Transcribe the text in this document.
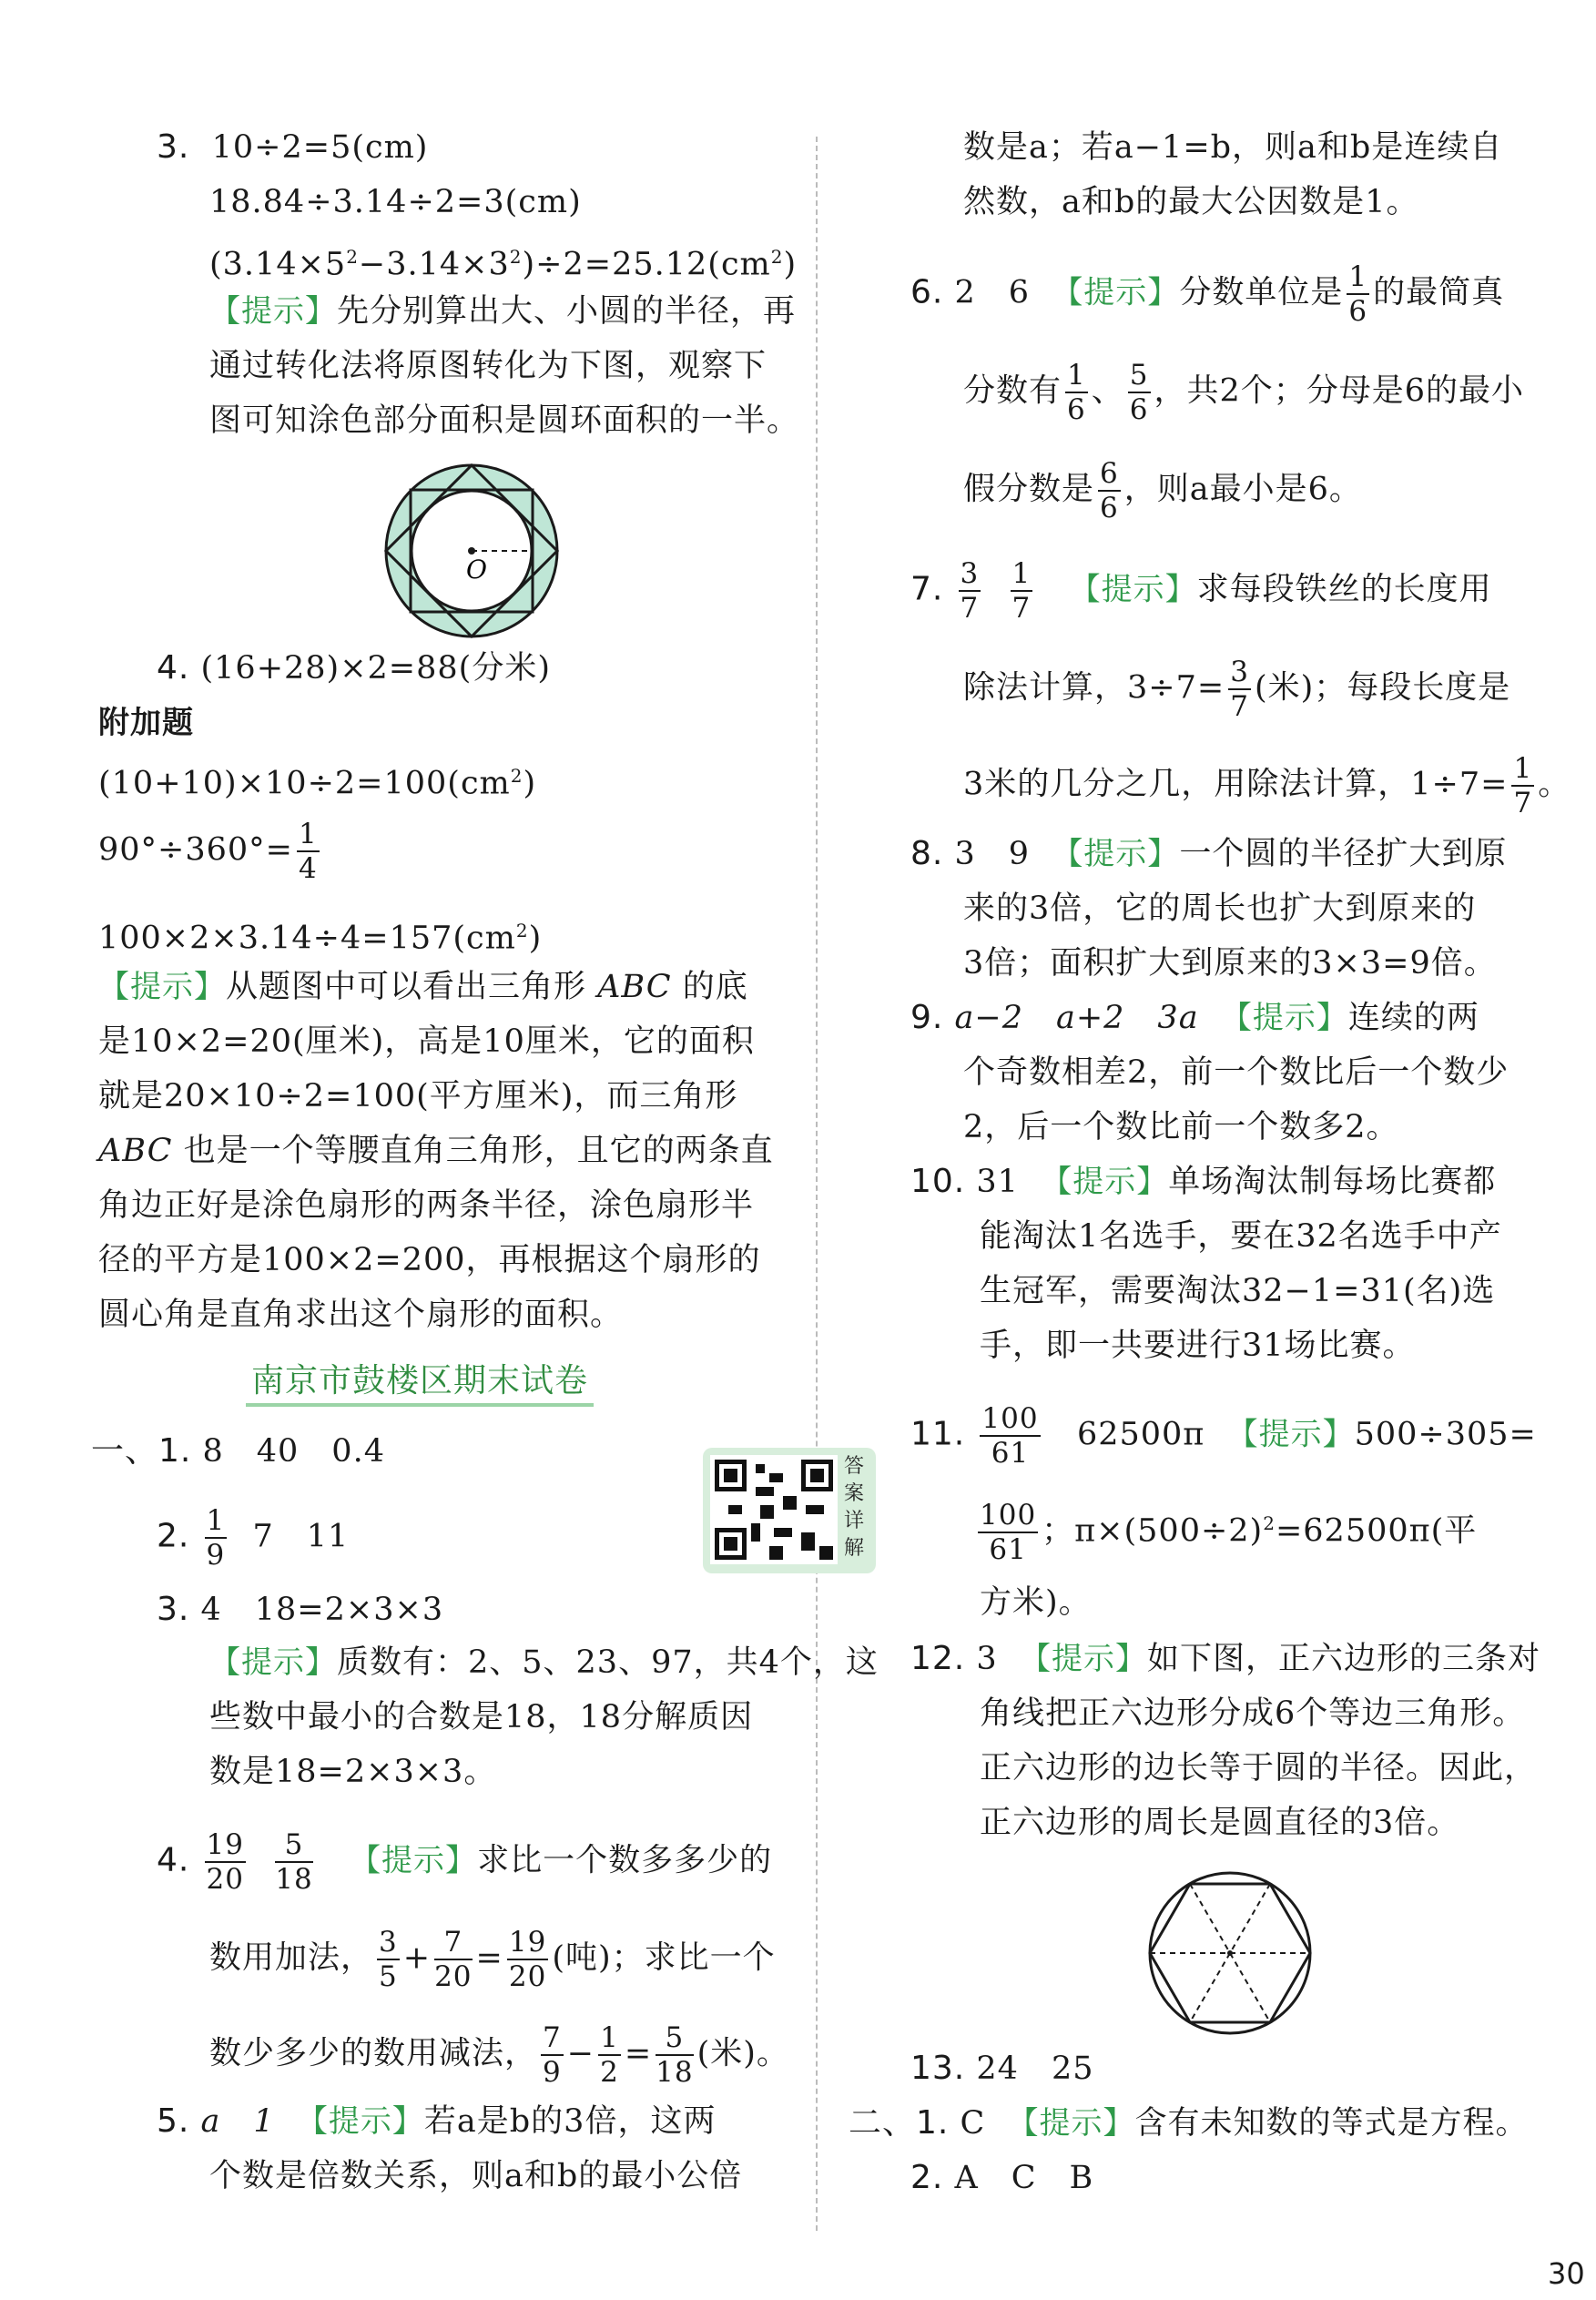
3. 10÷2=5(cm)
18.84÷3.14÷2=3(cm)
$(3.14\times 5^2-3.14\times 3^2)\div 2=25.12(cm^2)$
【提示】先分别算出大、小圆的半径，再
通过转化法将原图转化为下图，观察下
图可知涂色部分面积是圆环面积的一半。
O
4. (16+28)×2=88(分米)
附加题
$(10+10)\times 10\div 2=100(cm^2)$
$90^\circ\div 360^\circ= \frac{1}{4}$
$100\times 2\times 3.14\div 4=157(cm^2)$
【提示】从题图中可以看出三角形 ABC 的底
是10×2=20(厘米)，高是10厘米，它的面积
就是20×10÷2=100(平方厘米)，而三角形
ABC 也是一个等腰直角三角形，且它的两条直
角边正好是涂色扇形的两条半径，涂色扇形半
径的平方是100×2=200，再根据这个扇形的
圆心角是直角求出这个扇形的面积。
南京市鼓楼区期末试卷
一、1. 8　40　0.4
2. $\frac{1}{9} 7$　11
答案详解
3. 4　18=2×3×3
【提示】质数有：2、5、23、97，共4个，这
些数中最小的合数是18，18分解质因
数是18=2×3×3。
4. $\frac{19}{20}$
$\frac{5}{18}$ 【提示】求比一个数多多少的
数用加法， $\frac{3}{5} + \frac{7}{20} = \frac{19}{20}$ (吨)；求比一个
数少多少的数用减法， $\frac{7}{9} - \frac{1}{2} = \frac{5}{18}$ (米)。
5. a　1 【提示】若a是b的3倍，这两
个数是倍数关系，则a和b的最小公倍
数是a；若a−1=b，则a和b是连续自
然数，a和b的最大公因数是1。
6. 2　6 【提示】分数单位是 $\frac{1}{6}$ 的最简真
分数有 $\frac{1}{6}$ 、 $\frac{5}{6}$ ，共2个；分母是6的最小
假分数是 $\frac{6}{6}$ ，则a最小是6。
7. $\frac{3}{7}$
$\frac{1}{7}$ 【提示】求每段铁丝的长度用
除法计算，$3\div 7= \frac{3}{7}$ (米)；每段长度是
3米的几分之几，用除法计算，$1\div 7= \frac{1}{7}$ 。
8. 3　9 【提示】一个圆的半径扩大到原
来的3倍，它的周长也扩大到原来的
3倍；面积扩大到原来的3×3=9倍。
9. a−2　a+2　3a 【提示】连续的两
个奇数相差2，前一个数比后一个数少
2，后一个数比前一个数多2。
10. 31 【提示】单场淘汰制每场比赛都
能淘汰1名选手，要在32名选手中产
生冠军，需要淘汰32−1=31(名)选
手，即一共要进行31场比赛。
11. $\frac{100}{61} 62500\pi$ 【提示】500÷305=
$\frac{100}{61}$ ；$\pi\times(500\div 2)^2=62500\pi$(平
方米)。
12. 3 【提示】如下图，正六边形的三条对
角线把正六边形分成6个等边三角形。
正六边形的边长等于圆的半径。因此，
正六边形的周长是圆直径的3倍。
13. 24　25
二、1. C 【提示】含有未知数的等式是方程。
2. A　C　B
30
